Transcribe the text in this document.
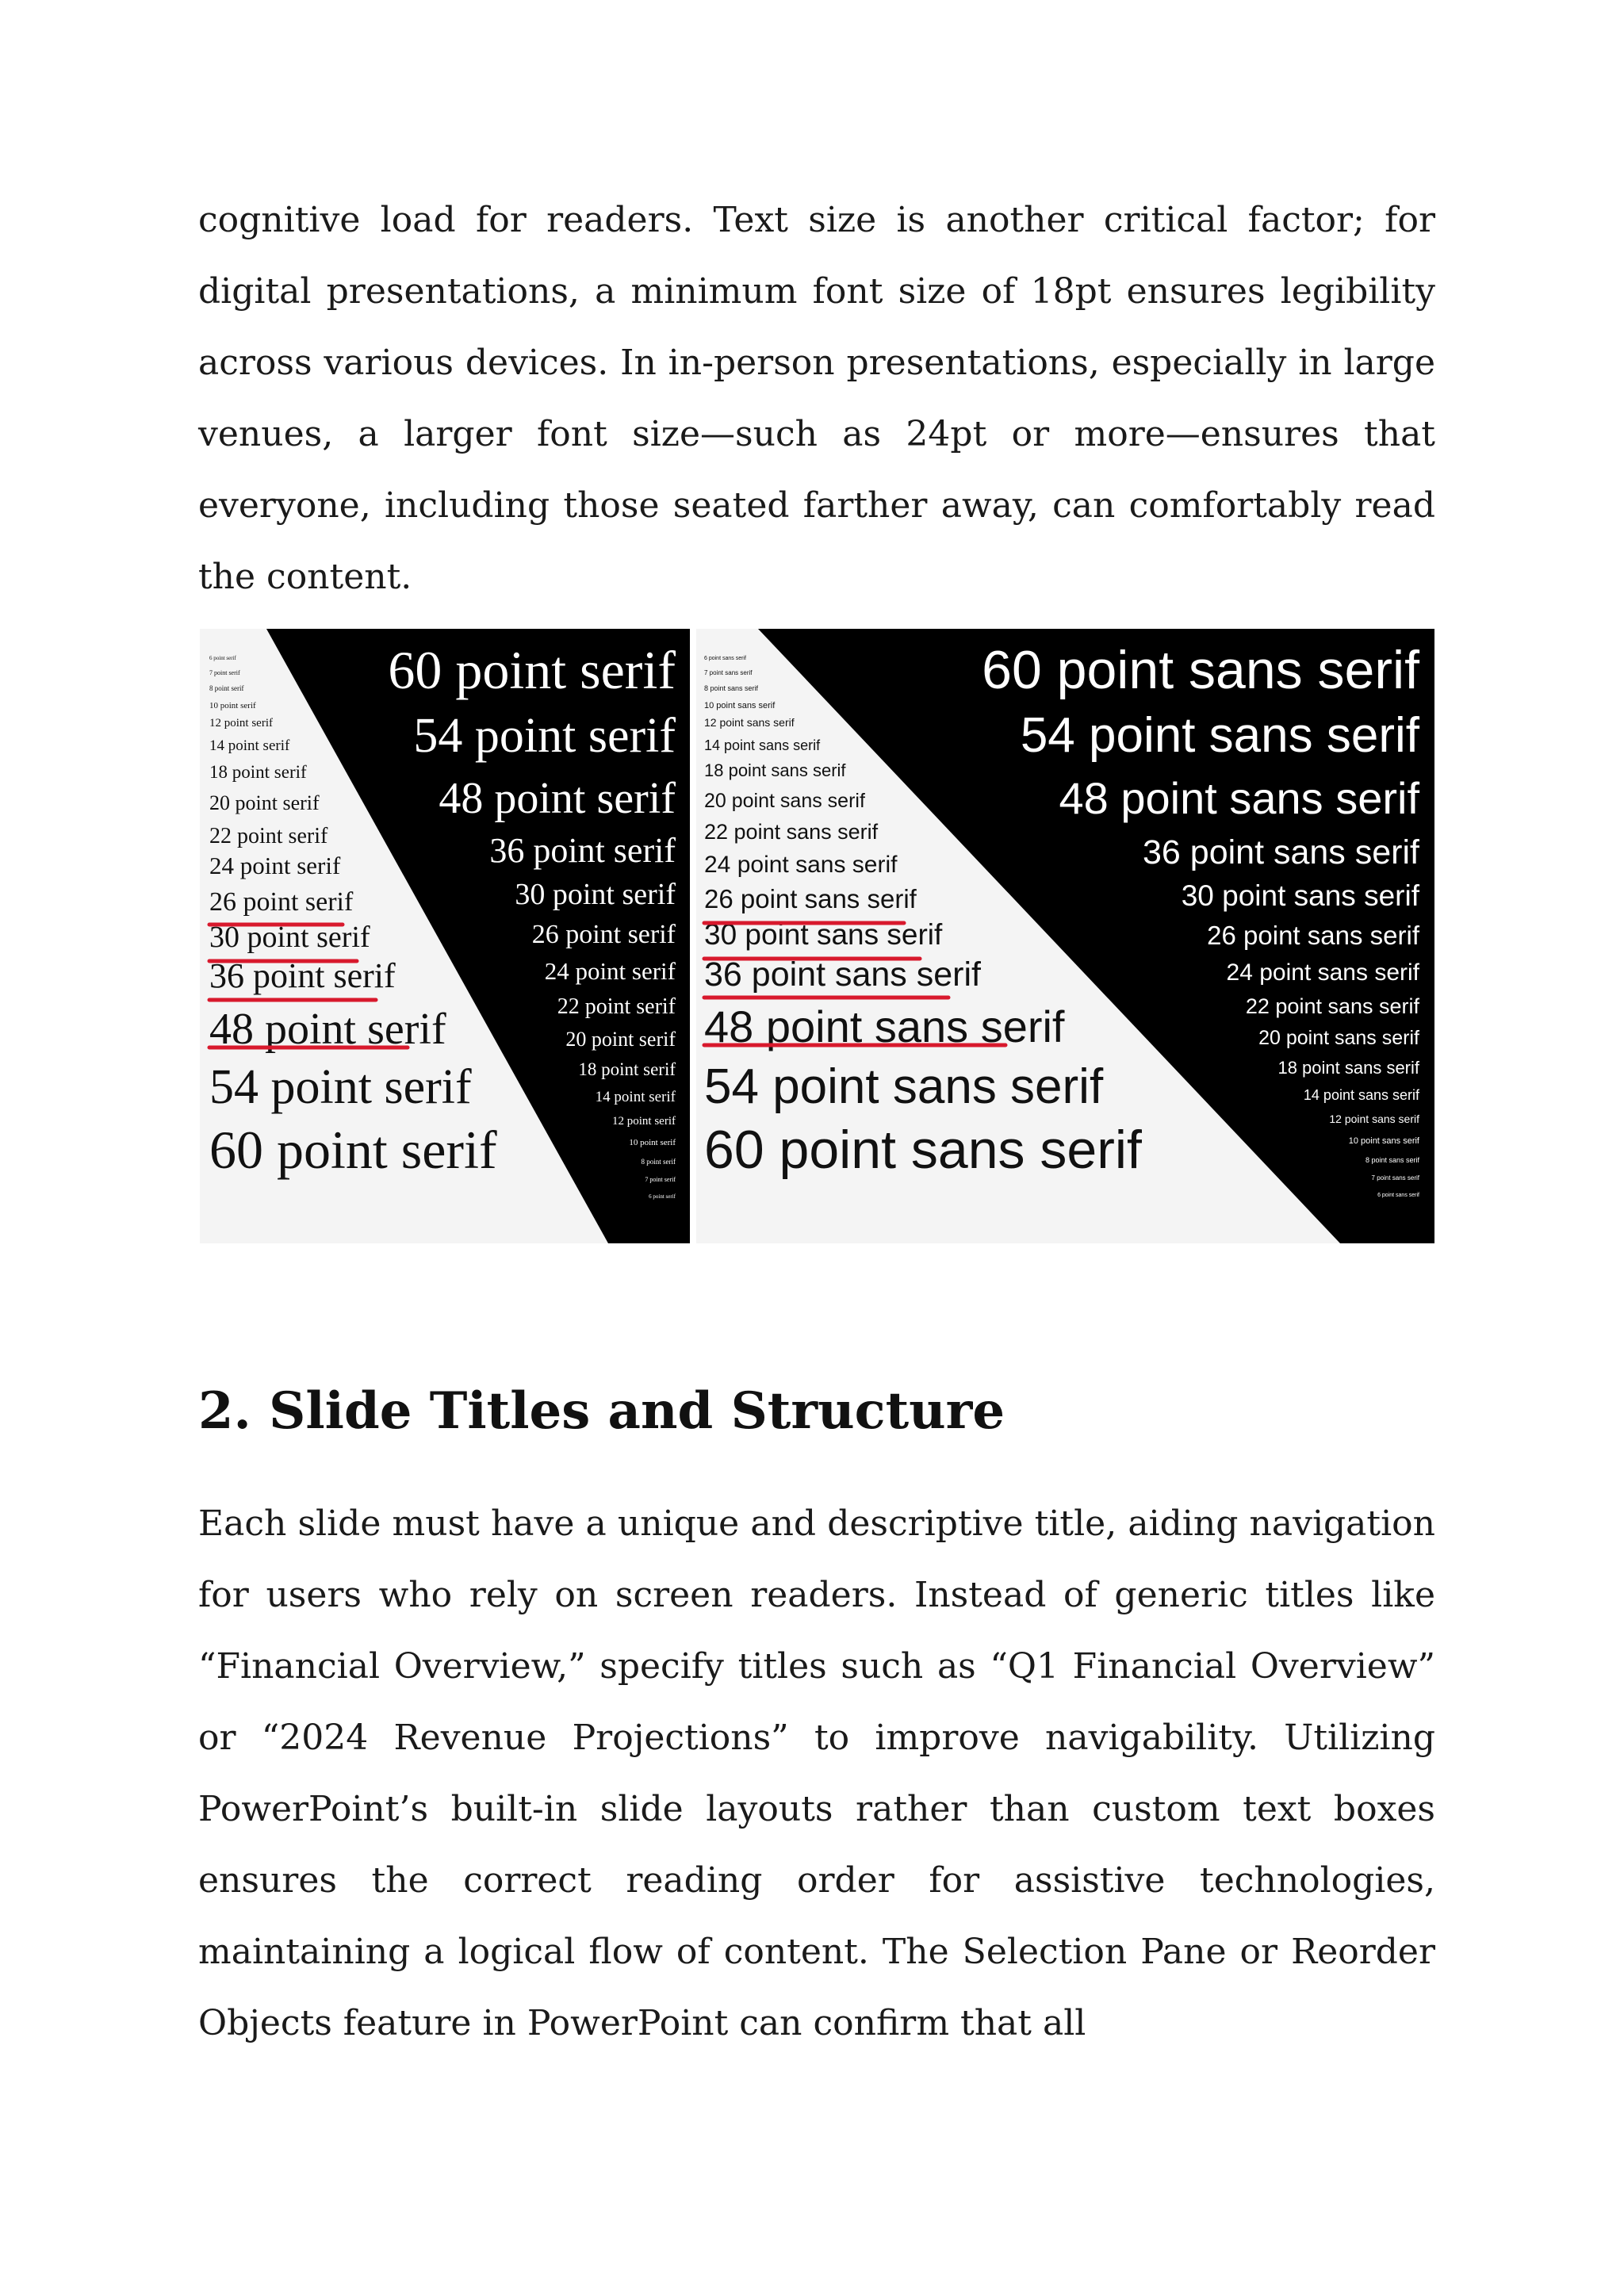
cognitive load for readers. Text size is another critical factor; for digital presentations, a minimum font size of 18pt ensures legibility across various devices. In in-person presentations, especially in large venues, a larger font size—such as 24pt or more—ensures that everyone, including those seated farther away, can comfortably read the content.

6 point serif
7 point serif
8 point serif
10 point serif
12 point serif
14 point serif
18 point serif
20 point serif
22 point serif
24 point serif
26 point serif
30 point serif
36 point serif
48 point serif
54 point serif
60 point serif
60 point serif
54 point serif
48 point serif
36 point serif
30 point serif
26 point serif
24 point serif
22 point serif
20 point serif
18 point serif
14 point serif
12 point serif
10 point serif
8 point serif
7 point serif
6 point serif
6 point sans serif
7 point sans serif
8 point sans serif
10 point sans serif
12 point sans serif
14 point sans serif
18 point sans serif
20 point sans serif
22 point sans serif
24 point sans serif
26 point sans serif
30 point sans serif
36 point sans serif
48 point sans serif
54 point sans serif
60 point sans serif
60 point sans serif
54 point sans serif
48 point sans serif
36 point sans serif
30 point sans serif
26 point sans serif
24 point sans serif
22 point sans serif
20 point sans serif
18 point sans serif
14 point sans serif
12 point sans serif
10 point sans serif
8 point sans serif
7 point sans serif
6 point sans serif
2. Slide Titles and Structure

Each slide must have a unique and descriptive title, aiding navigation for users who rely on screen readers. Instead of generic titles like “Financial Overview,” specify titles such as “Q1 Financial Overview” or “2024 Revenue Projections” to improve navigability. Utilizing PowerPoint’s built-in slide layouts rather than custom text boxes ensures the correct reading order for assistive technologies, maintaining a logical flow of content. The Selection Pane or Reorder Objects feature in PowerPoint can confirm that all
